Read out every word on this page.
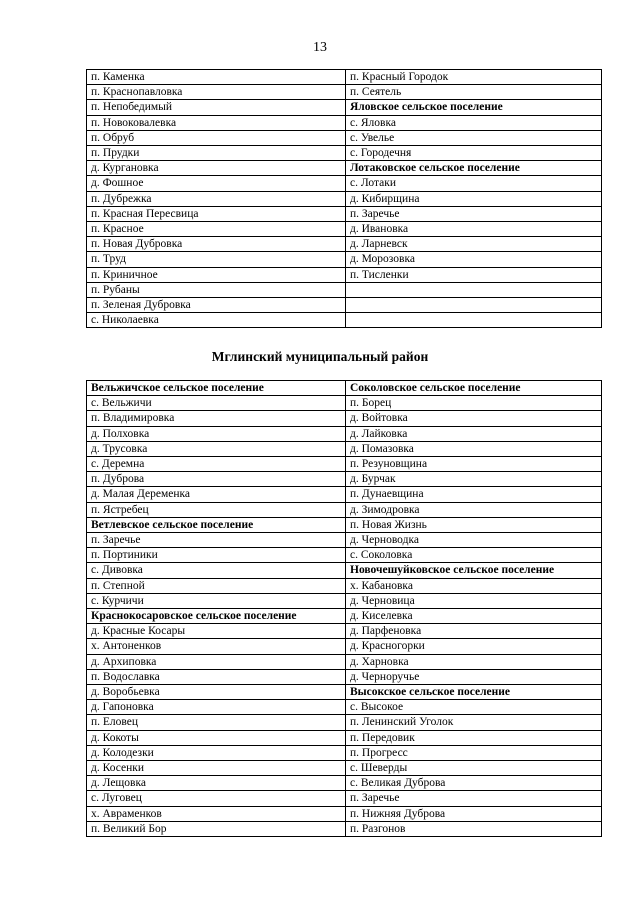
13
п. Каменка	п. Красный Городок
п. Краснопавловка	п. Сеятель
п. Непобедимый	Яловское сельское поселение
п. Новоковалевка	с. Яловка
п. Обруб	с. Увелье
п. Прудки	с. Городечня
д. Кургановка	Лотаковское сельское поселение
д. Фошное	с. Лотаки
п. Дубрежка	д. Кибирщина
п. Красная Пересвица	п. Заречье
п. Красное	д. Ивановка
п. Новая Дубровка	д. Ларневск
п. Труд	д. Морозовка
п. Криничное	п. Тисленки
п. Рубаны	
п. Зеленая Дубровка	
с. Николаевка	
Мглинский муниципальный район
Вельжичское сельское поселение	Соколовское сельское поселение
с. Вельжичи	п. Борец
п. Владимировка	д. Войтовка
д. Полховка	д. Лайковка
д. Трусовка	д. Помазовка
с. Деремна	п. Резуновщина
п. Дуброва	д. Бурчак
д. Малая Деременка	п. Дунаевщина
п. Ястребец	д. Зимодровка
Ветлевское сельское поселение	п. Новая Жизнь
п. Заречье	д. Черноводка
п. Портиники	с. Соколовка
с. Дивовка	Новочешуйковское сельское поселение
п. Степной	х. Кабановка
с. Курчичи	д. Черновица
Краснокосаровское сельское поселение	д. Киселевка
д. Красные Косары	д. Парфеновка
х. Антоненков	д. Красногорки
д. Архиповка	д. Харновка
п. Водославка	д. Черноручье
д. Воробьевка	Высокское сельское поселение
д. Гапоновка	с. Высокое
п. Еловец	п. Ленинский Уголок
д. Кокоты	п. Передовик
д. Колодезки	п. Прогресс
д. Косенки	с. Шеверды
д. Лещовка	с. Великая Дуброва
с. Луговец	п. Заречье
х. Авраменков	п. Нижняя Дуброва
п. Великий Бор	п. Разгонов
